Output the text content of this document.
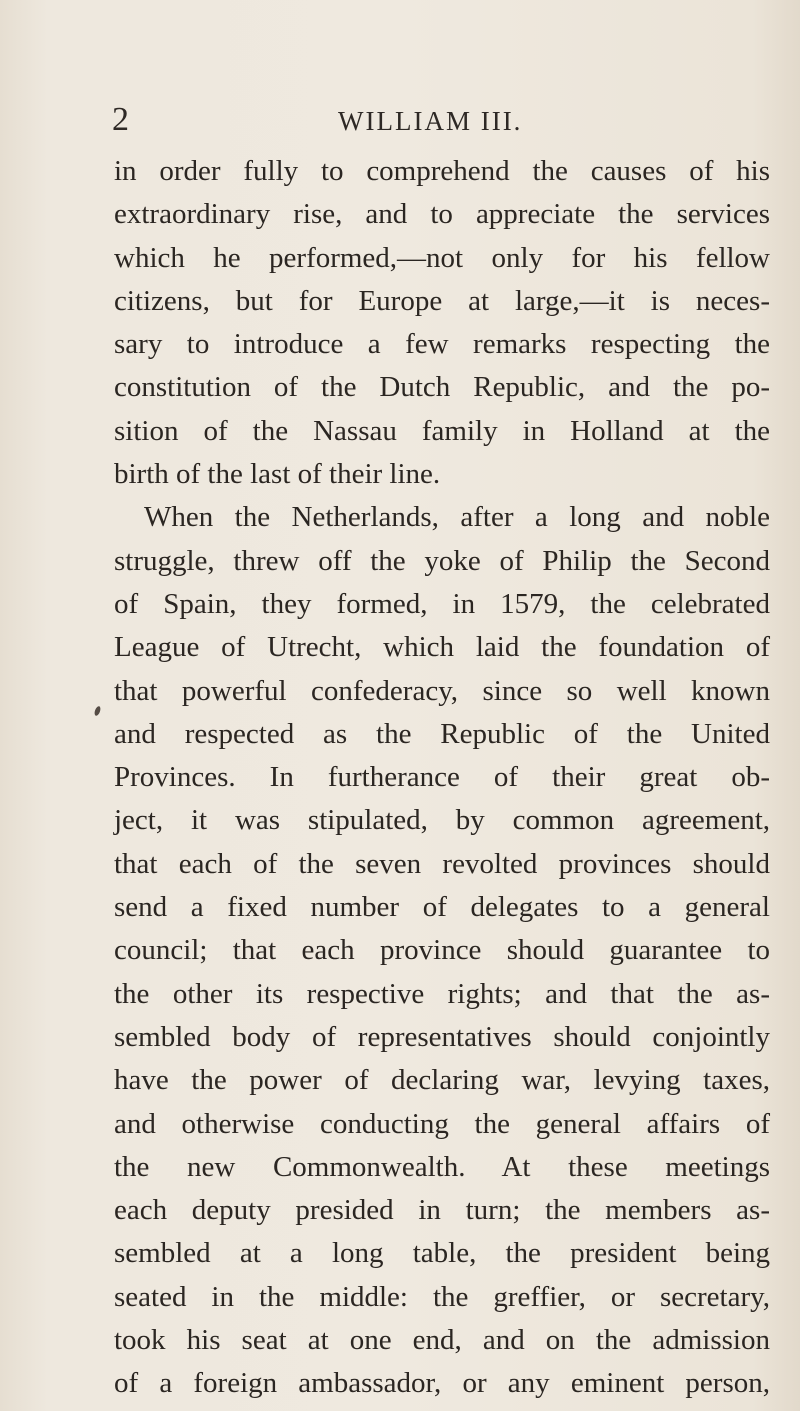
2	WILLIAM III.
in order fully to comprehend the causes of his
extraordinary rise, and to appreciate the services
which he performed,—not only for his fellow
citizens, but for Europe at large,—it is neces-
sary to introduce a few remarks respecting the
constitution of the Dutch Republic, and the po-
sition of the Nassau family in Holland at the
birth of the last of their line.
When the Netherlands, after a long and noble
struggle, threw off the yoke of Philip the Second
of Spain, they formed, in 1579, the celebrated
League of Utrecht, which laid the foundation of
that powerful confederacy, since so well known
and respected as the Republic of the United
Provinces. In furtherance of their great ob-
ject, it was stipulated, by common agreement,
that each of the seven revolted provinces should
send a fixed number of delegates to a general
council; that each province should guarantee to
the other its respective rights; and that the as-
sembled body of representatives should conjointly
have the power of declaring war, levying taxes,
and otherwise conducting the general affairs of
the new Commonwealth. At these meetings
each deputy presided in turn; the members as-
sembled at a long table, the president being
seated in the middle: the greffier, or secretary,
took his seat at one end, and on the admission
of a foreign ambassador, or any eminent person,
